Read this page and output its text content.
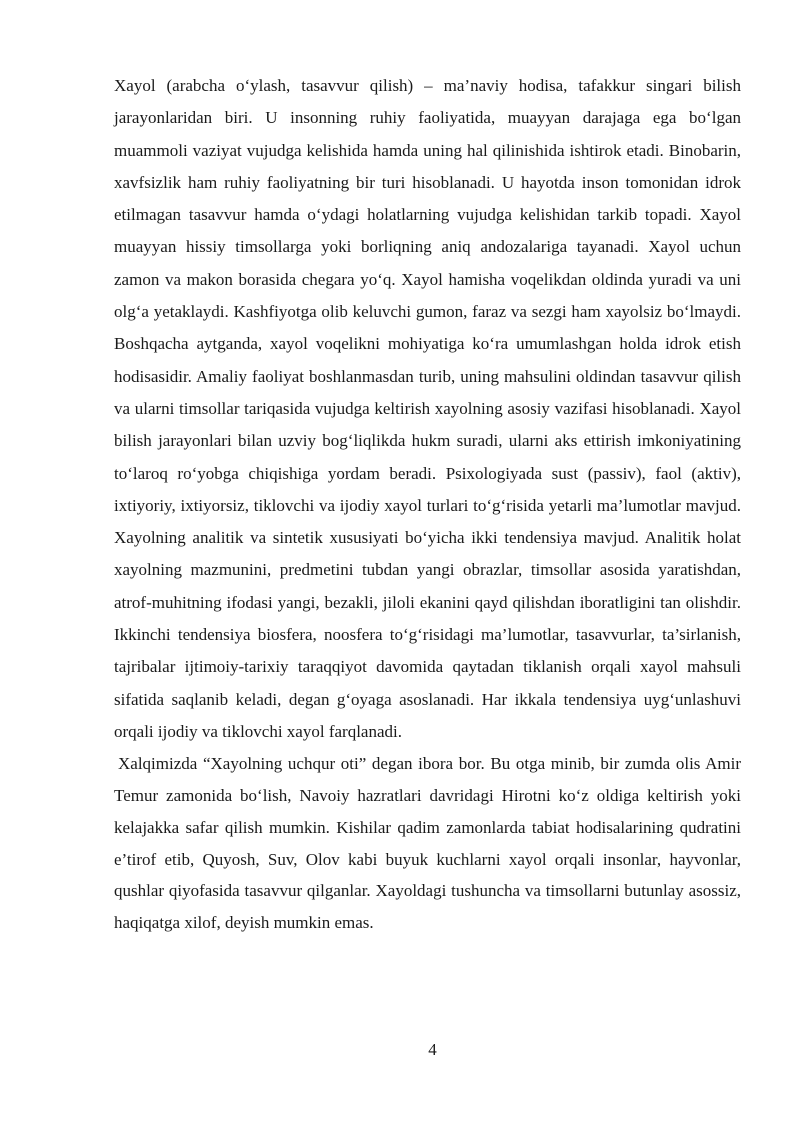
Xayol (arabcha o‘ylash, tasavvur qilish) – ma’naviy hodisa, tafakkur singari bilish jarayonlaridan biri. U insonning ruhiy faoliyatida, muayyan darajaga ega bo‘lgan muammoli vaziyat vujudga kelishida hamda uning hal qilinishida ishtirok etadi. Binobarin, xavfsizlik ham ruhiy faoliyatning bir turi hisoblanadi. U hayotda inson tomonidan idrok etilmagan tasavvur hamda o‘ydagi holatlarning vujudga kelishidan tarkib topadi. Xayol muayyan hissiy timsollarga yoki borliqning aniq andozalariga tayanadi. Xayol uchun zamon va makon borasida chegara yo‘q. Xayol hamisha voqelikdan oldinda yuradi va uni olg‘a yetaklaydi. Kashfiyotga olib keluvchi gumon, faraz va sezgi ham xayolsiz bo‘lmaydi. Boshqacha aytganda, xayol voqelikni mohiyatiga ko‘ra umumlashgan holda idrok etish hodisasidir. Amaliy faoliyat boshlanmasdan turib, uning mahsulini oldindan tasavvur qilish va ularni timsollar tariqasida vujudga keltirish xayolning asosiy vazifasi hisoblanadi. Xayol bilish jarayonlari bilan uzviy bog‘liqlikda hukm suradi, ularni aks ettirish imkoniyatining to‘laroq ro‘yobga chiqishiga yordam beradi. Psixologiyada sust (passiv), faol (aktiv), ixtiyoriy, ixtiyorsiz, tiklovchi va ijodiy xayol turlari to‘g‘risida yetarli ma’lumotlar mavjud. Xayolning analitik va sintetik xususiyati bo‘yicha ikki tendensiya mavjud. Analitik holat xayolning mazmunini, predmetini tubdan yangi obrazlar, timsollar asosida yaratishdan, atrof-muhitning ifodasi yangi, bezakli, jiloli ekanini qayd qilishdan iboratligini tan olishdir. Ikkinchi tendensiya biosfera, noosfera to‘g‘risidagi ma’lumotlar, tasavvurlar, ta’sirlanish, tajribalar ijtimoiy-tarixiy taraqqiyot davomida qaytadan tiklanish orqali xayol mahsuli sifatida saqlanib keladi, degan g‘oyaga asoslanadi. Har ikkala tendensiya uyg‘unlashuvi orqali ijodiy va tiklovchi xayol farqlanadi.

Xalqimizda “Xayolning uchqur oti” degan ibora bor. Bu otga minib, bir zumda olis Amir Temur zamonida bo‘lish, Navoiy hazratlari davridagi Hirotni ko‘z oldiga keltirish yoki kelajakka safar qilish mumkin. Kishilar qadim zamonlarda tabiat hodisalarining qudratini e’tirof etib, Quyosh, Suv, Olov kabi buyuk kuchlarni xayol orqali insonlar, hayvonlar, qushlar qiyofasida tasavvur qilganlar. Xayoldagi tushuncha va timsollarni butunlay asossiz, haqiqatga xilof, deyish mumkin emas.

4
